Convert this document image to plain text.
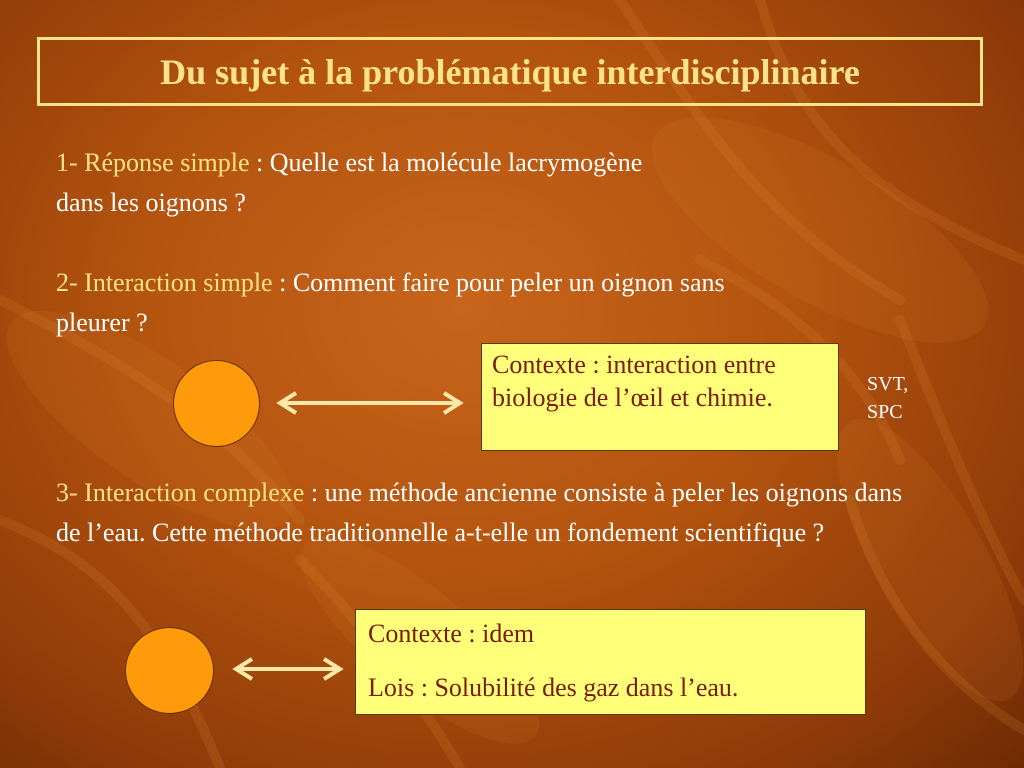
Du sujet à la problématique interdisciplinaire
1- Réponse simple : Quelle est la molécule lacrymogène dans les oignons ?
2- Interaction simple : Comment faire pour peler un oignon sans pleurer ?
Contexte : interaction entre biologie de l’œil et chimie.	SVT,
SPC
3- Interaction complexe : une méthode ancienne consiste à peler les oignons dans de l’eau. Cette méthode traditionnelle a-t-elle un fondement scientifique ?
Contexte : idem
Lois : Solubilité des gaz dans l’eau.
